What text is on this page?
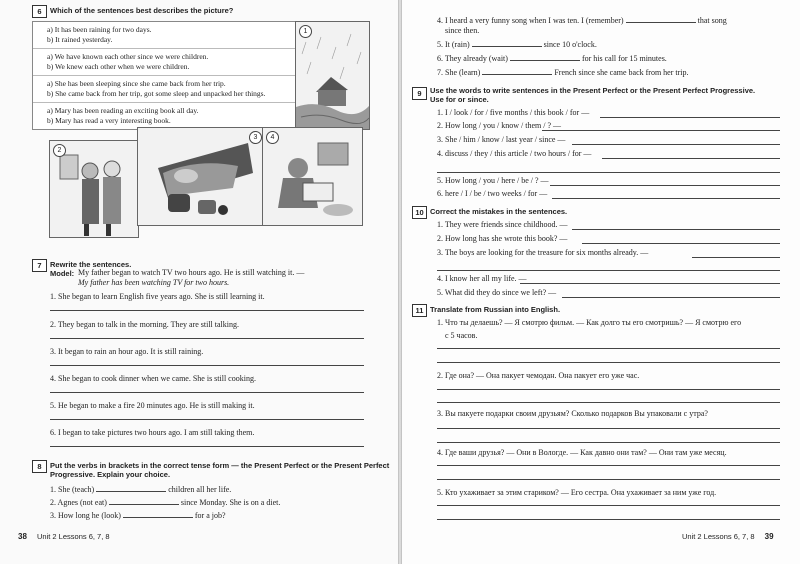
6	Which of the sentences best describes the picture?
a) It has been raining for two days.
b) It rained yesterday.
a) We have known each other since we were children.
b) We knew each other when we were children.
a) She has been sleeping since she came back from her trip.
b) She came back from her trip, got some sleep and unpacked her things.
a) Mary has been reading an exciting book all day.
b) Mary has read a very interesting book.
1
2
3	4
7	Rewrite the sentences.
Model: My father began to watch TV two hours ago. He is still watching it. —
My father has been watching TV for two hours.
1. She began to learn English five years ago. She is still learning it.
2. They began to talk in the morning. They are still talking.
3. It began to rain an hour ago. It is still raining.
4. She began to cook dinner when we came. She is still cooking.
5. He began to make a fire 20 minutes ago. He is still making it.
6. I began to take pictures two hours ago. I am still taking them.
8	Put the verbs in brackets in the correct tense form — the Present Perfect or the Present Perfect
Progressive. Explain your choice.
1. She (teach)	children all her life.
2. Agnes (not eat)	since Monday. She is on a diet.
3. How long he (look)	for a job?
38 Unit 2 Lessons 6, 7, 8
4. I heard a very funny song when I was ten. I (remember)	that song
since then.
5. It (rain)	since 10 o'clock.
6. They already (wait)	for his call for 15 minutes.
7. She (learn)	French since she came back from her trip.
9	Use the words to write sentences in the Present Perfect or the Present Perfect Progressive.
Use for or since.
1. I / look / for / five months / this book / for —
2. How long / you / know / them / ? —
3. She / him / know / last year / since —
4. discuss / they / this article / two hours / for —
5. How long / you / here / be / ? —
6. here / I / be / two weeks / for —
10 Correct the mistakes in the sentences.
1. They were friends since childhood. —
2. How long has she wrote this book? —
3. The boys are looking for the treasure for six months already. —
4. I know her all my life. —
5. What did they do since we left? —
11 Translate from Russian into English.
1. Что ты делаешь? — Я смотрю фильм. — Как долго ты его смотришь? — Я смотрю его
с 5 часов.
2. Где она? — Она пакует чемодан. Она пакует его уже час.
3. Вы пакуете подарки своим друзьям? Сколько подарков Вы упаковали с утра?
4. Где ваши друзья? — Они в Вологде. — Как давно они там? — Они там уже месяц.
5. Кто ухаживает за этим стариком? — Его сестра. Она ухаживает за ним уже год.
Unit 2 Lessons 6, 7, 8 39
